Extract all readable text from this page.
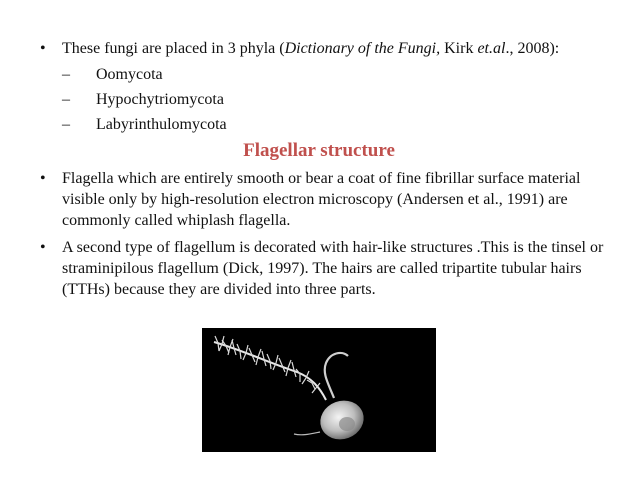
•	These fungi are placed in 3 phyla (Dictionary of the Fungi, Kirk et.al., 2008):
– Oomycota
– Hypochytriomycota
– Labyrinthulomycota
Flagellar structure
•	Flagella which are entirely smooth or bear a coat of fine fibrillar surface material visible only by high-resolution electron microscopy (Andersen et al., 1991) are commonly called whiplash flagella.
•	A second type of flagellum is decorated with hair-like structures .This is the tinsel or straminipilous flagellum (Dick, 1997). The hairs are called tripartite tubular hairs (TTHs) because they are divided into three parts.
